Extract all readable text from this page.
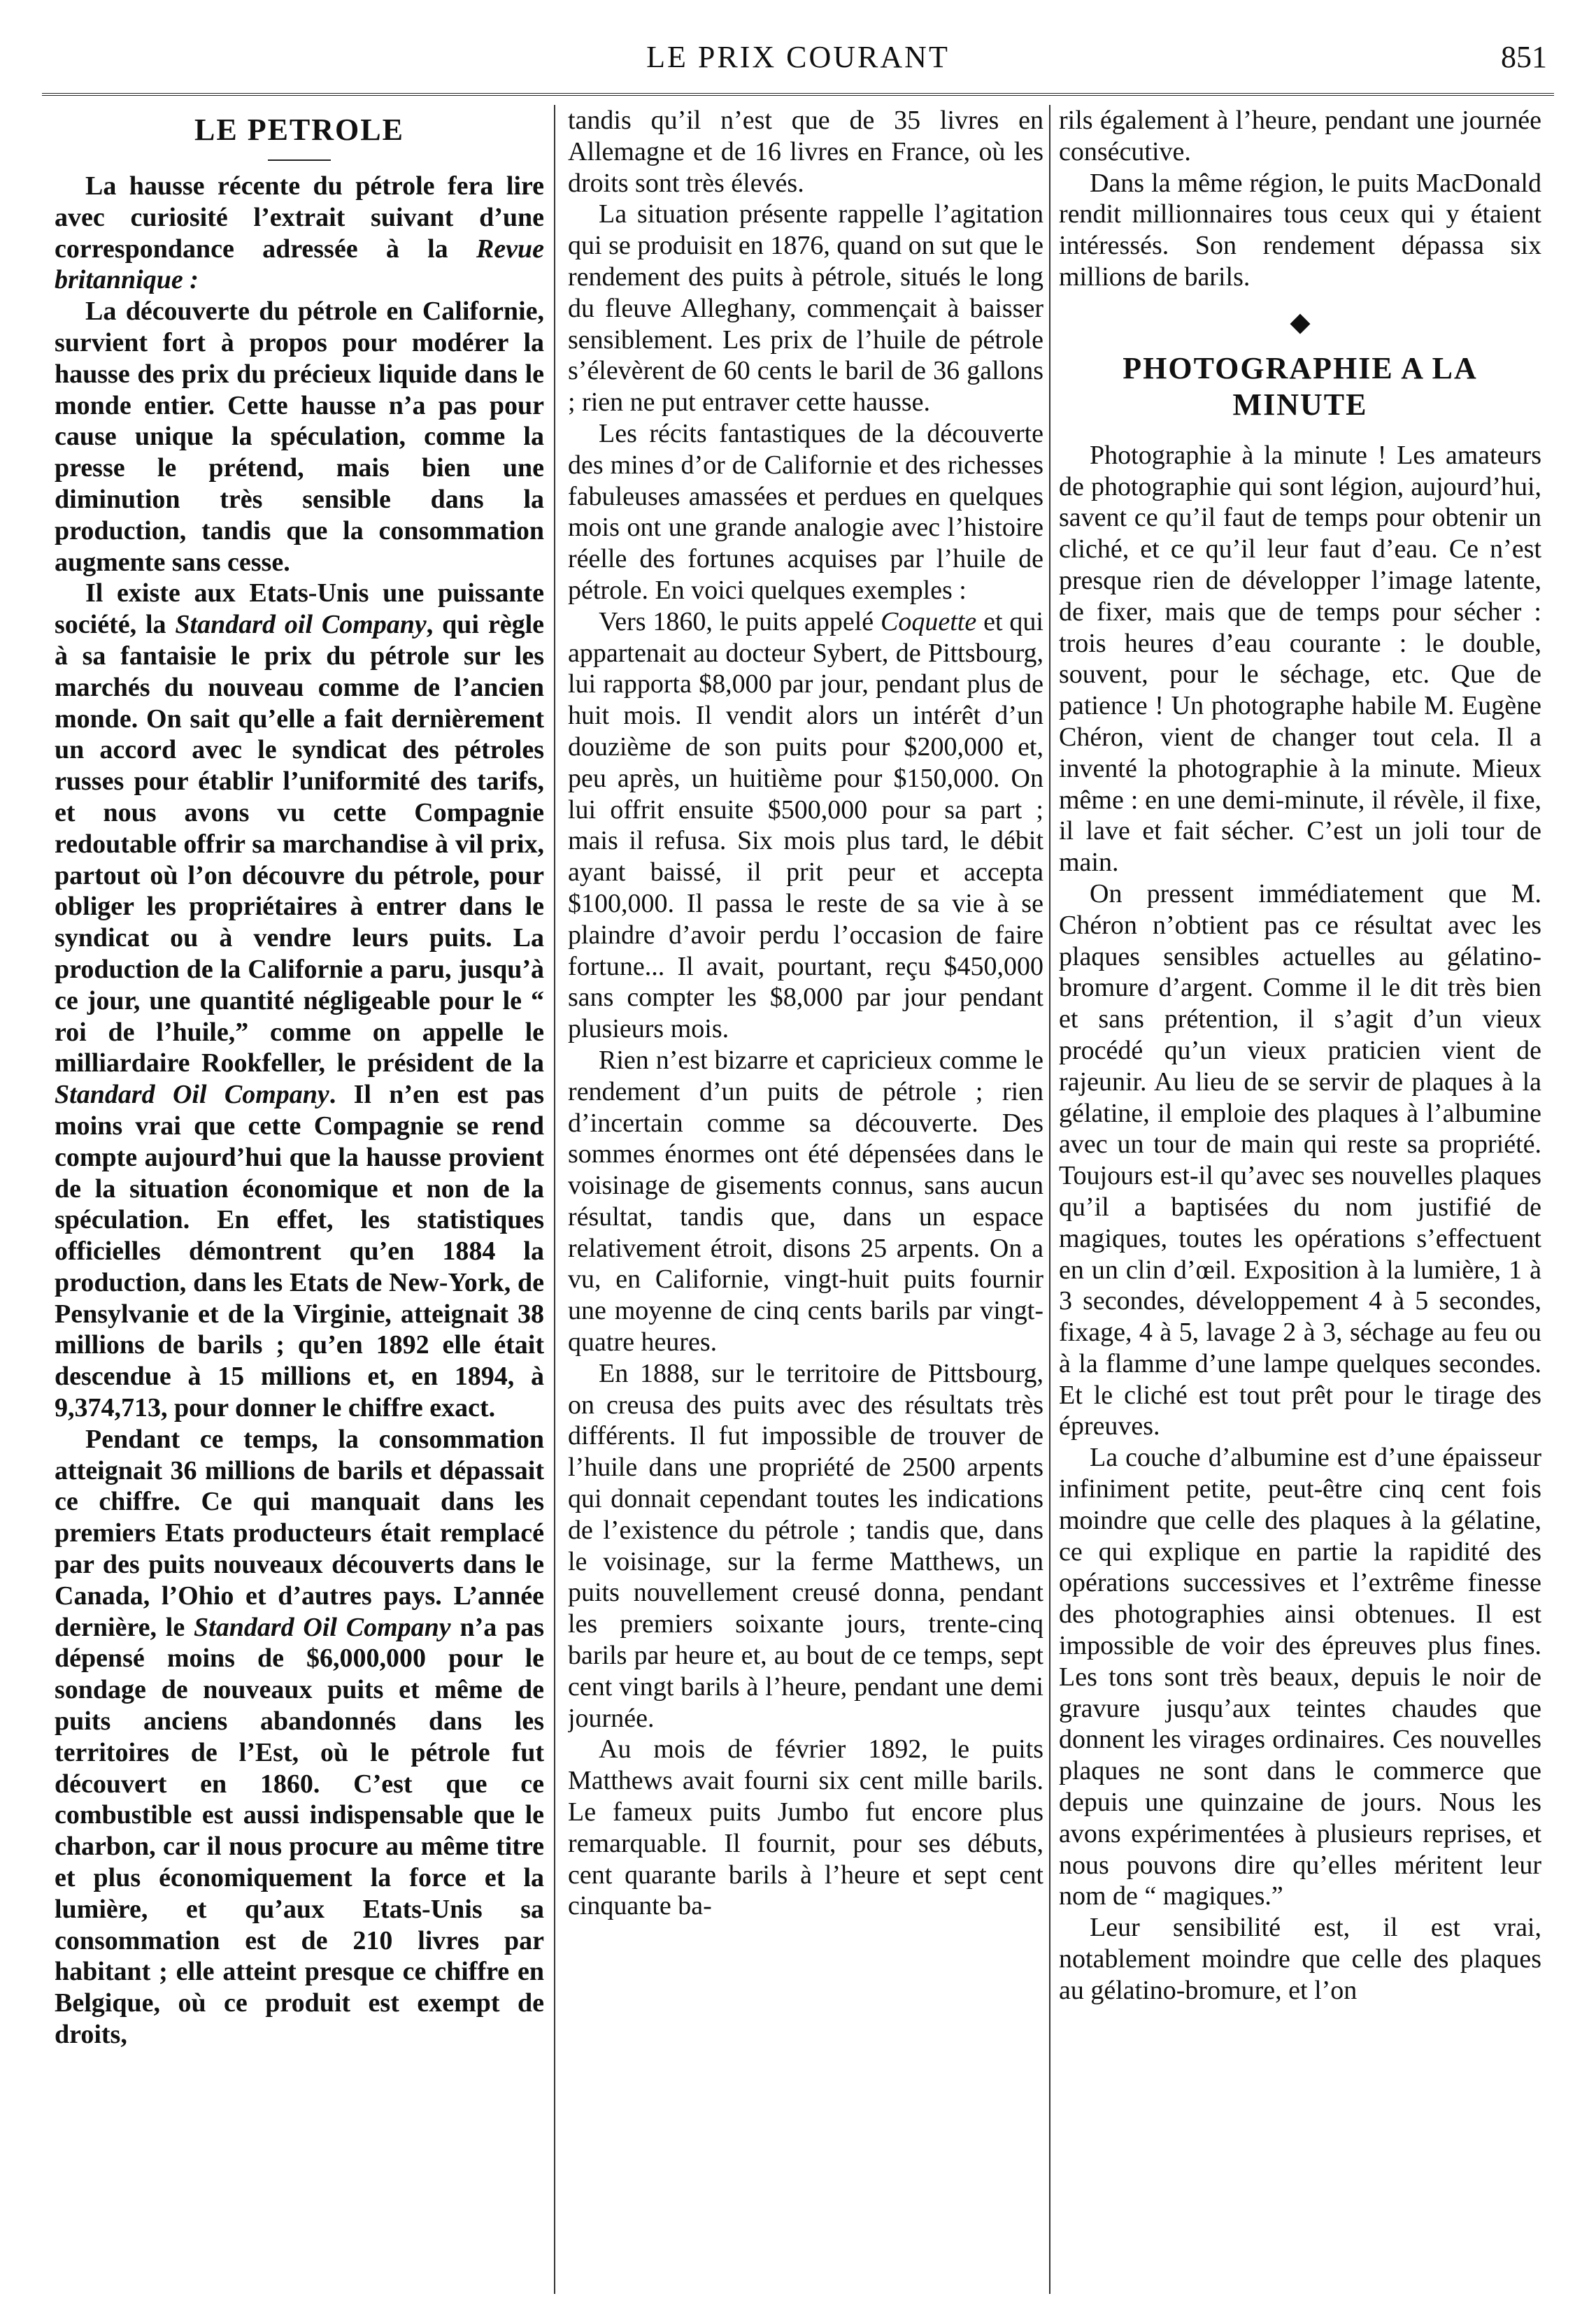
LE PRIX COURANT	851
LE PETROLE

La hausse récente du pétrole fera lire avec curiosité l’extrait suivant d’une correspondance adressée à la Revue britannique :

La découverte du pétrole en Californie, survient fort à propos pour modérer la hausse des prix du précieux liquide dans le monde entier. Cette hausse n’a pas pour cause unique la spéculation, comme la presse le prétend, mais bien une diminution très sensible dans la production, tandis que la consommation augmente sans cesse.

Il existe aux Etats-Unis une puissante société, la Standard oil Company, qui règle à sa fantaisie le prix du pétrole sur les marchés du nouveau comme de l’ancien monde. On sait qu’elle a fait dernièrement un accord avec le syndicat des pétroles russes pour établir l’uniformité des tarifs, et nous avons vu cette Compagnie redoutable offrir sa marchandise à vil prix, partout où l’on découvre du pétrole, pour obliger les propriétaires à entrer dans le syndicat ou à vendre leurs puits. La production de la Californie a paru, jusqu’à ce jour, une quantité négligeable pour le “ roi de l’huile,” comme on appelle le milliardaire Rookfeller, le président de la Standard Oil Company. Il n’en est pas moins vrai que cette Compagnie se rend compte aujourd’hui que la hausse provient de la situation économique et non de la spéculation. En effet, les statistiques officielles démontrent qu’en 1884 la production, dans les Etats de New-York, de Pensylvanie et de la Virginie, atteignait 38 millions de barils ; qu’en 1892 elle était descendue à 15 millions et, en 1894, à 9,374,713, pour donner le chiffre exact.

Pendant ce temps, la consommation atteignait 36 millions de barils et dépassait ce chiffre. Ce qui manquait dans les premiers Etats producteurs était remplacé par des puits nouveaux découverts dans le Canada, l’Ohio et d’autres pays. L’année dernière, le Standard Oil Company n’a pas dépensé moins de $6,000,000 pour le sondage de nouveaux puits et même de puits anciens abandonnés dans les territoires de l’Est, où le pétrole fut découvert en 1860. C’est que ce combustible est aussi indispensable que le charbon, car il nous procure au même titre et plus économiquement la force et la lumière, et qu’aux Etats-Unis sa consommation est de 210 livres par habitant ; elle atteint presque ce chiffre en Belgique, où ce produit est exempt de droits,

tandis qu’il n’est que de 35 livres en Allemagne et de 16 livres en France, où les droits sont très élevés.

La situation présente rappelle l’agitation qui se produisit en 1876, quand on sut que le rendement des puits à pétrole, situés le long du fleuve Alleghany, commençait à baisser sensiblement. Les prix de l’huile de pétrole s’élevèrent de 60 cents le baril de 36 gallons ; rien ne put entraver cette hausse.

Les récits fantastiques de la découverte des mines d’or de Californie et des richesses fabuleuses amassées et perdues en quelques mois ont une grande analogie avec l’histoire réelle des fortunes acquises par l’huile de pétrole. En voici quelques exemples :

Vers 1860, le puits appelé Coquette et qui appartenait au docteur Sybert, de Pittsbourg, lui rapporta $8,000 par jour, pendant plus de huit mois. Il vendit alors un intérêt d’un douzième de son puits pour $200,000 et, peu après, un huitième pour $150,000. On lui offrit ensuite $500,000 pour sa part ; mais il refusa. Six mois plus tard, le débit ayant baissé, il prit peur et accepta $100,000. Il passa le reste de sa vie à se plaindre d’avoir perdu l’occasion de faire fortune... Il avait, pourtant, reçu $450,000 sans compter les $8,000 par jour pendant plusieurs mois.

Rien n’est bizarre et capricieux comme le rendement d’un puits de pétrole ; rien d’incertain comme sa découverte. Des sommes énormes ont été dépensées dans le voisinage de gisements connus, sans aucun résultat, tandis que, dans un espace relativement étroit, disons 25 arpents. On a vu, en Californie, vingt-huit puits fournir une moyenne de cinq cents barils par vingt-quatre heures.

En 1888, sur le territoire de Pittsbourg, on creusa des puits avec des résultats très différents. Il fut impossible de trouver de l’huile dans une propriété de 2500 arpents qui donnait cependant toutes les indications de l’existence du pétrole ; tandis que, dans le voisinage, sur la ferme Matthews, un puits nouvellement creusé donna, pendant les premiers soixante jours, trente-cinq barils par heure et, au bout de ce temps, sept cent vingt barils à l’heure, pendant une demi journée.

Au mois de février 1892, le puits Matthews avait fourni six cent mille barils. Le fameux puits Jumbo fut encore plus remarquable. Il fournit, pour ses débuts, cent quarante barils à l’heure et sept cent cinquante ba-

rils également à l’heure, pendant une journée consécutive.

Dans la même région, le puits MacDonald rendit millionnaires tous ceux qui y étaient intéressés. Son rendement dépassa six millions de barils.

◆
PHOTOGRAPHIE A LA MINUTE

Photographie à la minute ! Les amateurs de photographie qui sont légion, aujourd’hui, savent ce qu’il faut de temps pour obtenir un cliché, et ce qu’il leur faut d’eau. Ce n’est presque rien de développer l’image latente, de fixer, mais que de temps pour sécher : trois heures d’eau courante : le double, souvent, pour le séchage, etc. Que de patience ! Un photographe habile M. Eugène Chéron, vient de changer tout cela. Il a inventé la photographie à la minute. Mieux même : en une demi-minute, il révèle, il fixe, il lave et fait sécher. C’est un joli tour de main.

On pressent immédiatement que M. Chéron n’obtient pas ce résultat avec les plaques sensibles actuelles au gélatino-bromure d’argent. Comme il le dit très bien et sans prétention, il s’agit d’un vieux procédé qu’un vieux praticien vient de rajeunir. Au lieu de se servir de plaques à la gélatine, il emploie des plaques à l’albumine avec un tour de main qui reste sa propriété. Toujours est-il qu’avec ses nouvelles plaques qu’il a baptisées du nom justifié de magiques, toutes les opérations s’effectuent en un clin d’œil. Exposition à la lumière, 1 à 3 secondes, développement 4 à 5 secondes, fixage, 4 à 5, lavage 2 à 3, séchage au feu ou à la flamme d’une lampe quelques secondes. Et le cliché est tout prêt pour le tirage des épreuves.

La couche d’albumine est d’une épaisseur infiniment petite, peut-être cinq cent fois moindre que celle des plaques à la gélatine, ce qui explique en partie la rapidité des opérations successives et l’extrême finesse des photographies ainsi obtenues. Il est impossible de voir des épreuves plus fines. Les tons sont très beaux, depuis le noir de gravure jusqu’aux teintes chaudes que donnent les virages ordinaires. Ces nouvelles plaques ne sont dans le commerce que depuis une quinzaine de jours. Nous les avons expérimentées à plusieurs reprises, et nous pouvons dire qu’elles méritent leur nom de “ magiques.”

Leur sensibilité est, il est vrai, notablement moindre que celle des plaques au gélatino-bromure, et l’on
